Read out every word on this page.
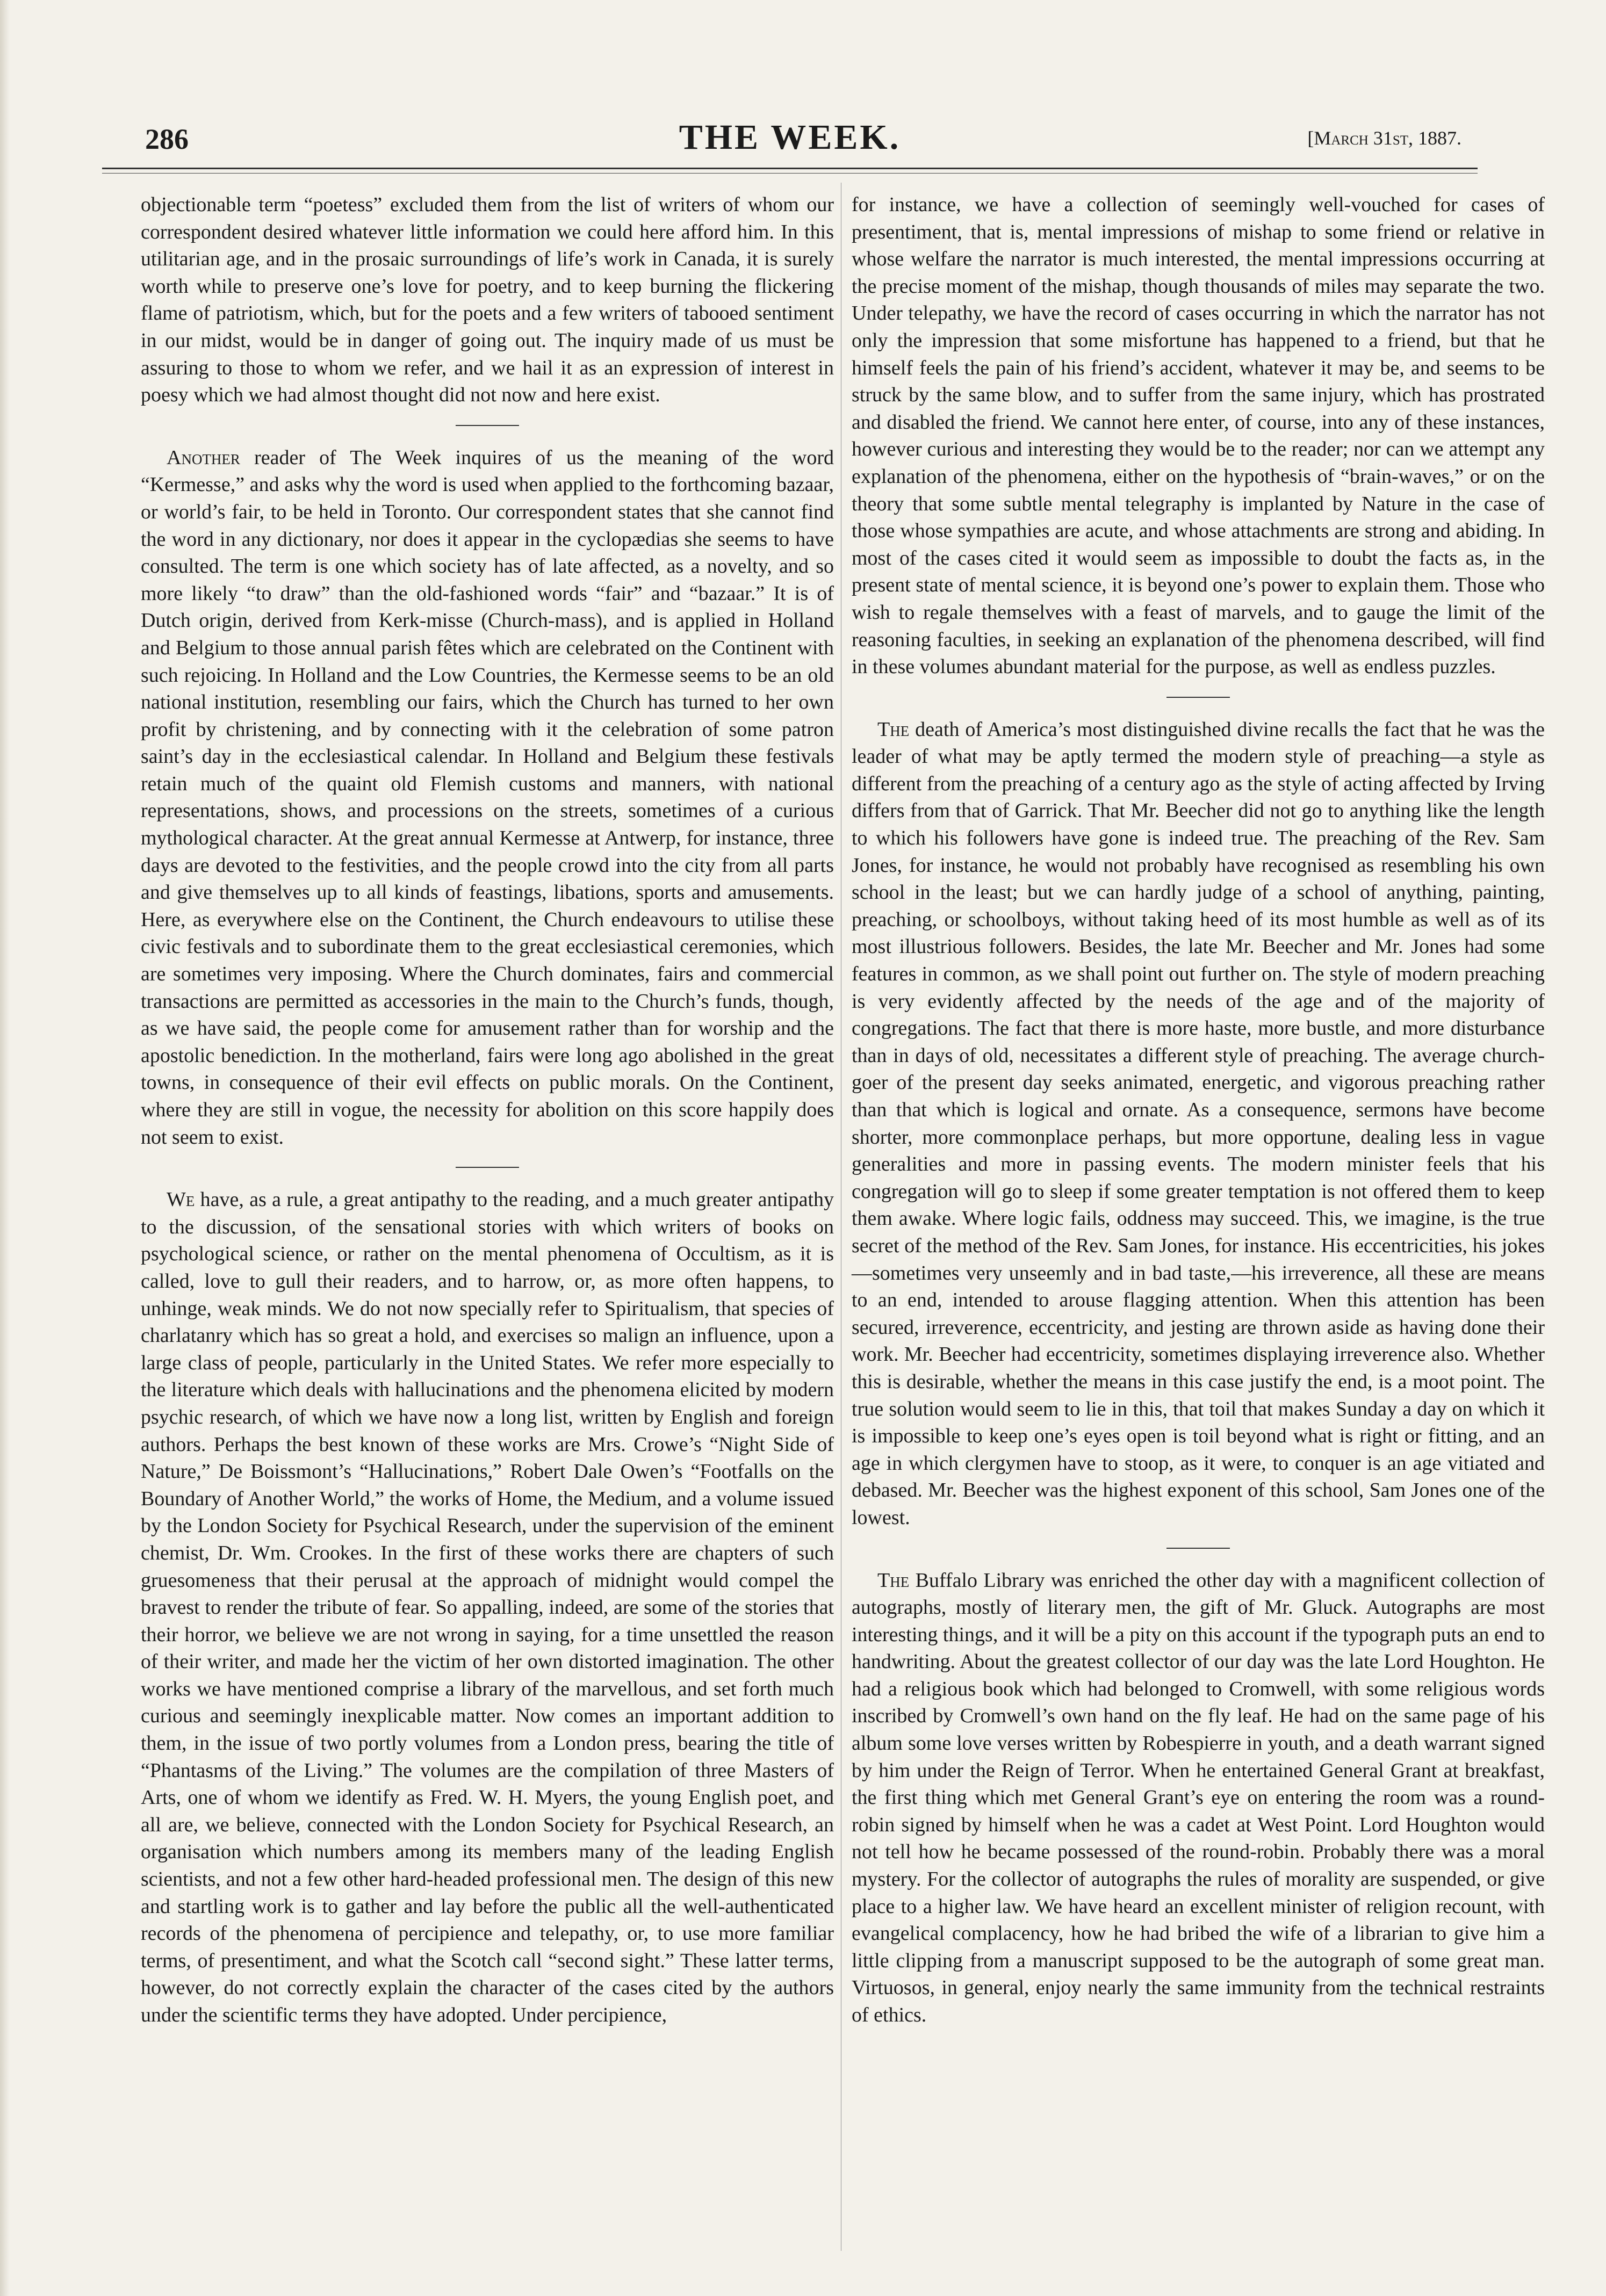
286	THE WEEK.	[March 31st, 1887.

objectionable term “poetess” excluded them from the list of writers of whom our correspondent desired whatever little information we could here afford him. In this utilitarian age, and in the prosaic surroundings of life’s work in Canada, it is surely worth while to preserve one’s love for poetry, and to keep burning the flickering flame of patriotism, which, but for the poets and a few writers of tabooed sentiment in our midst, would be in danger of going out. The inquiry made of us must be assuring to those to whom we refer, and we hail it as an expression of interest in poesy which we had almost thought did not now and here exist.

Another reader of The Week inquires of us the meaning of the word “Kermesse,” and asks why the word is used when applied to the forthcoming bazaar, or world’s fair, to be held in Toronto. Our correspondent states that she cannot find the word in any dictionary, nor does it appear in the cyclopædias she seems to have consulted. The term is one which society has of late affected, as a novelty, and so more likely “to draw” than the old-fashioned words “fair” and “bazaar.” It is of Dutch origin, derived from Kerk-misse (Church-mass), and is applied in Holland and Belgium to those annual parish fêtes which are celebrated on the Continent with such rejoicing. In Holland and the Low Countries, the Kermesse seems to be an old national institution, resembling our fairs, which the Church has turned to her own profit by christening, and by connecting with it the celebration of some patron saint’s day in the ecclesiastical calendar. In Holland and Belgium these festivals retain much of the quaint old Flemish customs and manners, with national representations, shows, and processions on the streets, sometimes of a curious mythological character. At the great annual Kermesse at Antwerp, for instance, three days are devoted to the festivities, and the people crowd into the city from all parts and give themselves up to all kinds of feastings, libations, sports and amusements. Here, as everywhere else on the Continent, the Church endeavours to utilise these civic festivals and to subordinate them to the great ecclesiastical ceremonies, which are sometimes very imposing. Where the Church dominates, fairs and commercial transactions are permitted as accessories in the main to the Church’s funds, though, as we have said, the people come for amusement rather than for worship and the apostolic benediction. In the motherland, fairs were long ago abolished in the great towns, in consequence of their evil effects on public morals. On the Continent, where they are still in vogue, the necessity for abolition on this score happily does not seem to exist.

We have, as a rule, a great antipathy to the reading, and a much greater antipathy to the discussion, of the sensational stories with which writers of books on psychological science, or rather on the mental phenomena of Occultism, as it is called, love to gull their readers, and to harrow, or, as more often happens, to unhinge, weak minds. We do not now specially refer to Spiritualism, that species of charlatanry which has so great a hold, and exercises so malign an influence, upon a large class of people, particularly in the United States. We refer more especially to the literature which deals with hallucinations and the phenomena elicited by modern psychic research, of which we have now a long list, written by English and foreign authors. Perhaps the best known of these works are Mrs. Crowe’s “Night Side of Nature,” De Boissmont’s “Hallucinations,” Robert Dale Owen’s “Footfalls on the Boundary of Another World,” the works of Home, the Medium, and a volume issued by the London Society for Psychical Research, under the supervision of the eminent chemist, Dr. Wm. Crookes. In the first of these works there are chapters of such gruesomeness that their perusal at the approach of midnight would compel the bravest to render the tribute of fear. So appalling, indeed, are some of the stories that their horror, we believe we are not wrong in saying, for a time unsettled the reason of their writer, and made her the victim of her own distorted imagination. The other works we have mentioned comprise a library of the marvellous, and set forth much curious and seemingly inexplicable matter. Now comes an important addition to them, in the issue of two portly volumes from a London press, bearing the title of “Phantasms of the Living.” The volumes are the compilation of three Masters of Arts, one of whom we identify as Fred. W. H. Myers, the young English poet, and all are, we believe, connected with the London Society for Psychical Research, an organisation which numbers among its members many of the leading English scientists, and not a few other hard-headed professional men. The design of this new and startling work is to gather and lay before the public all the well-authenticated records of the phenomena of percipience and telepathy, or, to use more familiar terms, of presentiment, and what the Scotch call “second sight.” These latter terms, however, do not correctly explain the character of the cases cited by the authors under the scientific terms they have adopted. Under percipience,

for instance, we have a collection of seemingly well-vouched for cases of presentiment, that is, mental impressions of mishap to some friend or relative in whose welfare the narrator is much interested, the mental impressions occurring at the precise moment of the mishap, though thousands of miles may separate the two. Under telepathy, we have the record of cases occurring in which the narrator has not only the impression that some misfortune has happened to a friend, but that he himself feels the pain of his friend’s accident, whatever it may be, and seems to be struck by the same blow, and to suffer from the same injury, which has prostrated and disabled the friend. We cannot here enter, of course, into any of these instances, however curious and interesting they would be to the reader; nor can we attempt any explanation of the phenomena, either on the hypothesis of “brain-waves,” or on the theory that some subtle mental telegraphy is implanted by Nature in the case of those whose sympathies are acute, and whose attachments are strong and abiding. In most of the cases cited it would seem as impossible to doubt the facts as, in the present state of mental science, it is beyond one’s power to explain them. Those who wish to regale themselves with a feast of marvels, and to gauge the limit of the reasoning faculties, in seeking an explanation of the phenomena described, will find in these volumes abundant material for the purpose, as well as endless puzzles.

The death of America’s most distinguished divine recalls the fact that he was the leader of what may be aptly termed the modern style of preaching—a style as different from the preaching of a century ago as the style of acting affected by Irving differs from that of Garrick. That Mr. Beecher did not go to anything like the length to which his followers have gone is indeed true. The preaching of the Rev. Sam Jones, for instance, he would not probably have recognised as resembling his own school in the least; but we can hardly judge of a school of anything, painting, preaching, or schoolboys, without taking heed of its most humble as well as of its most illustrious followers. Besides, the late Mr. Beecher and Mr. Jones had some features in common, as we shall point out further on. The style of modern preaching is very evidently affected by the needs of the age and of the majority of congregations. The fact that there is more haste, more bustle, and more disturbance than in days of old, necessitates a different style of preaching. The average church-goer of the present day seeks animated, energetic, and vigorous preaching rather than that which is logical and ornate. As a consequence, sermons have become shorter, more commonplace perhaps, but more opportune, dealing less in vague generalities and more in passing events. The modern minister feels that his congregation will go to sleep if some greater temptation is not offered them to keep them awake. Where logic fails, oddness may succeed. This, we imagine, is the true secret of the method of the Rev. Sam Jones, for instance. His eccentricities, his jokes—sometimes very unseemly and in bad taste,—his irreverence, all these are means to an end, intended to arouse flagging attention. When this attention has been secured, irreverence, eccentricity, and jesting are thrown aside as having done their work. Mr. Beecher had eccentricity, sometimes displaying irreverence also. Whether this is desirable, whether the means in this case justify the end, is a moot point. The true solution would seem to lie in this, that toil that makes Sunday a day on which it is impossible to keep one’s eyes open is toil beyond what is right or fitting, and an age in which clergymen have to stoop, as it were, to conquer is an age vitiated and debased. Mr. Beecher was the highest exponent of this school, Sam Jones one of the lowest.

The Buffalo Library was enriched the other day with a magnificent collection of autographs, mostly of literary men, the gift of Mr. Gluck. Autographs are most interesting things, and it will be a pity on this account if the typograph puts an end to handwriting. About the greatest collector of our day was the late Lord Houghton. He had a religious book which had belonged to Cromwell, with some religious words inscribed by Cromwell’s own hand on the fly leaf. He had on the same page of his album some love verses written by Robespierre in youth, and a death warrant signed by him under the Reign of Terror. When he entertained General Grant at breakfast, the first thing which met General Grant’s eye on entering the room was a round-robin signed by himself when he was a cadet at West Point. Lord Houghton would not tell how he became possessed of the round-robin. Probably there was a moral mystery. For the collector of autographs the rules of morality are suspended, or give place to a higher law. We have heard an excellent minister of religion recount, with evangelical complacency, how he had bribed the wife of a librarian to give him a little clipping from a manuscript supposed to be the autograph of some great man. Virtuosos, in general, enjoy nearly the same immunity from the technical restraints of ethics.
